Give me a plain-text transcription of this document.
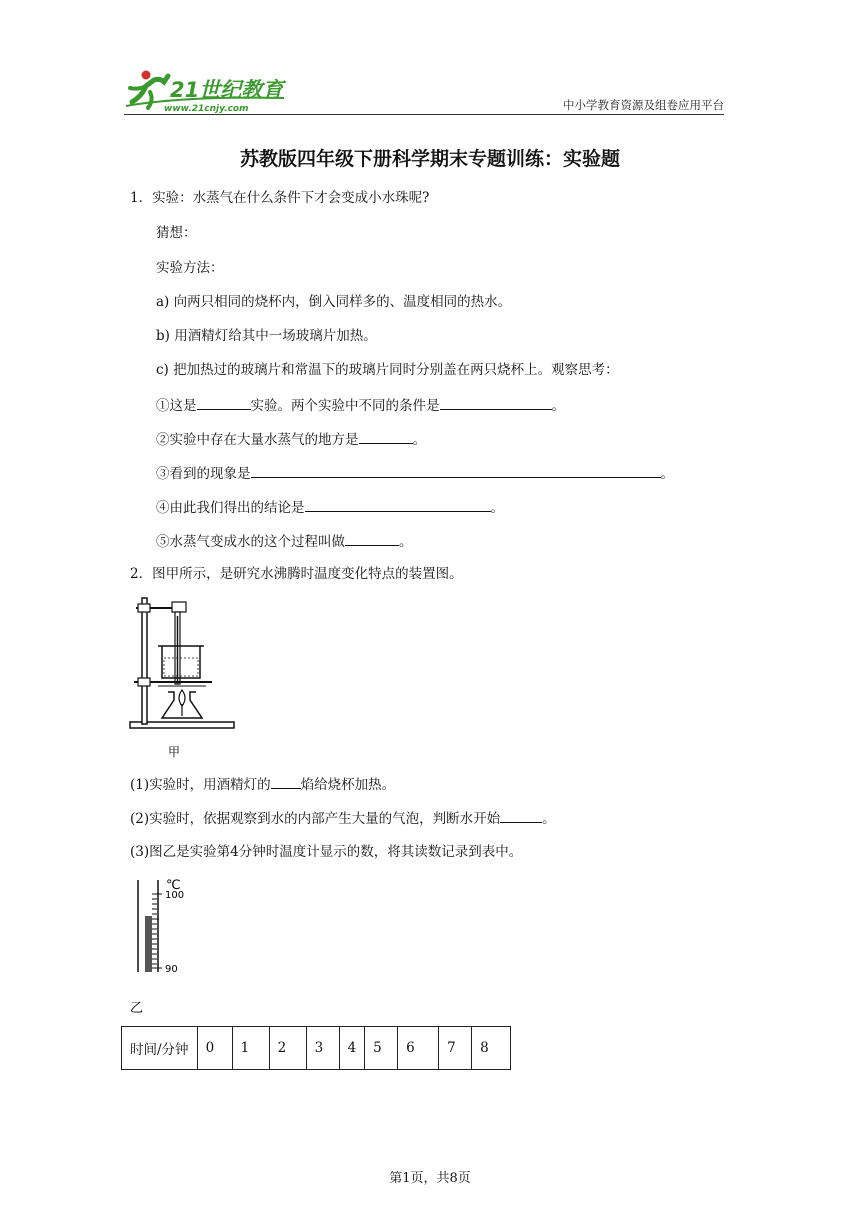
21世纪教育
www.21cnjy.com	中小学教育资源及组卷应用平台
苏教版四年级下册科学期末专题训练：实验题
1．实验：水蒸气在什么条件下才会变成小水珠呢?
猜想：
实验方法：
a) 向两只相同的烧杯内，倒入同样多的、温度相同的热水。
b) 用酒精灯给其中一场玻璃片加热。
c) 把加热过的玻璃片和常温下的玻璃片同时分别盖在两只烧杯上。观察思考：
①这是	实验。两个实验中不同的条件是	。
②实验中存在大量水蒸气的地方是	。
③看到的现象是	。
④由此我们得出的结论是	。
⑤水蒸气变成水的这个过程叫做	。
2．图甲所示，是研究水沸腾时温度变化特点的装置图。
甲
(1)实验时，用酒精灯的 焰给烧杯加热。
(2)实验时，依据观察到水的内部产生大量的气泡，判断水开始	。
(3)图乙是实验第4分钟时温度计显示的数，将其读数记录到表中。
℃
100
90
乙
时间/分钟	0	1	2	3	4	5	6	7	8
第1页，共8页
